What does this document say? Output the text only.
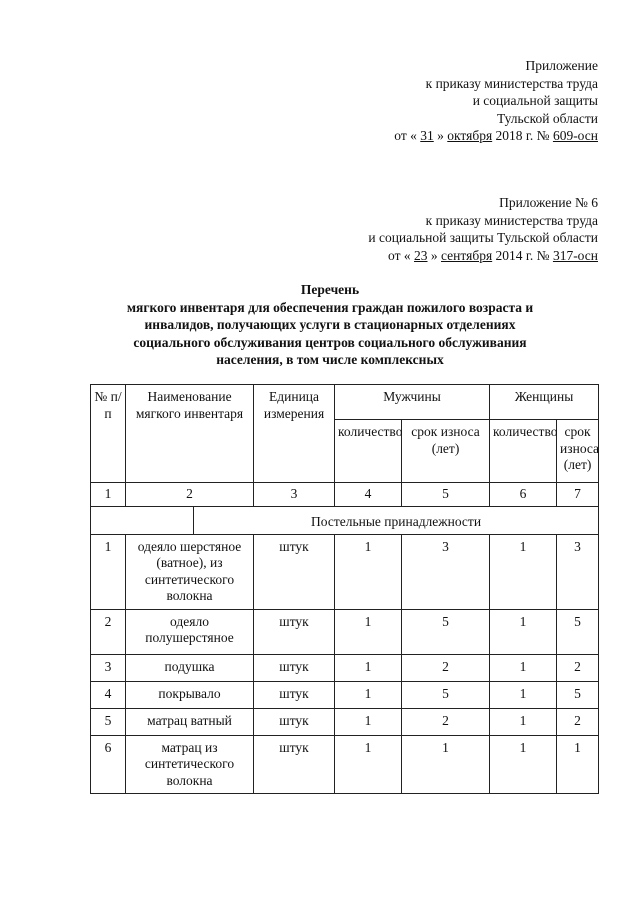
Приложение
к приказу министерства труда
и социальной защиты
Тульской области
от « 31 » октября 2018 г. № 609-осн
Приложение № 6
к приказу министерства труда
и социальной защиты Тульской области
от « 23 » сентября 2014 г. № 317-осн
Перечень
мягкого инвентаря для обеспечения граждан пожилого возраста и
инвалидов, получающих услуги в стационарных отделениях
социального обслуживания центров социального обслуживания
населения, в том числе комплексных
№ п/п	Наименование мягкого инвентаря		Единица измерения	Мужчины		Женщины	
				количество	срок износа (лет)	количество	срок износа (лет)
1	2		3	4	5	6	7
		Постельные принадлежности					
1	одеяло шерстяное (ватное), из синтетического волокна		штук	1	3	1	3
2	одеяло полушерстяное		штук	1	5	1	5
3	подушка		штук	1	2	1	2
4	покрывало		штук	1	5	1	5
5	матрац ватный		штук	1	2	1	2
6	матрац из синтетического волокна		штук	1	1	1	1
